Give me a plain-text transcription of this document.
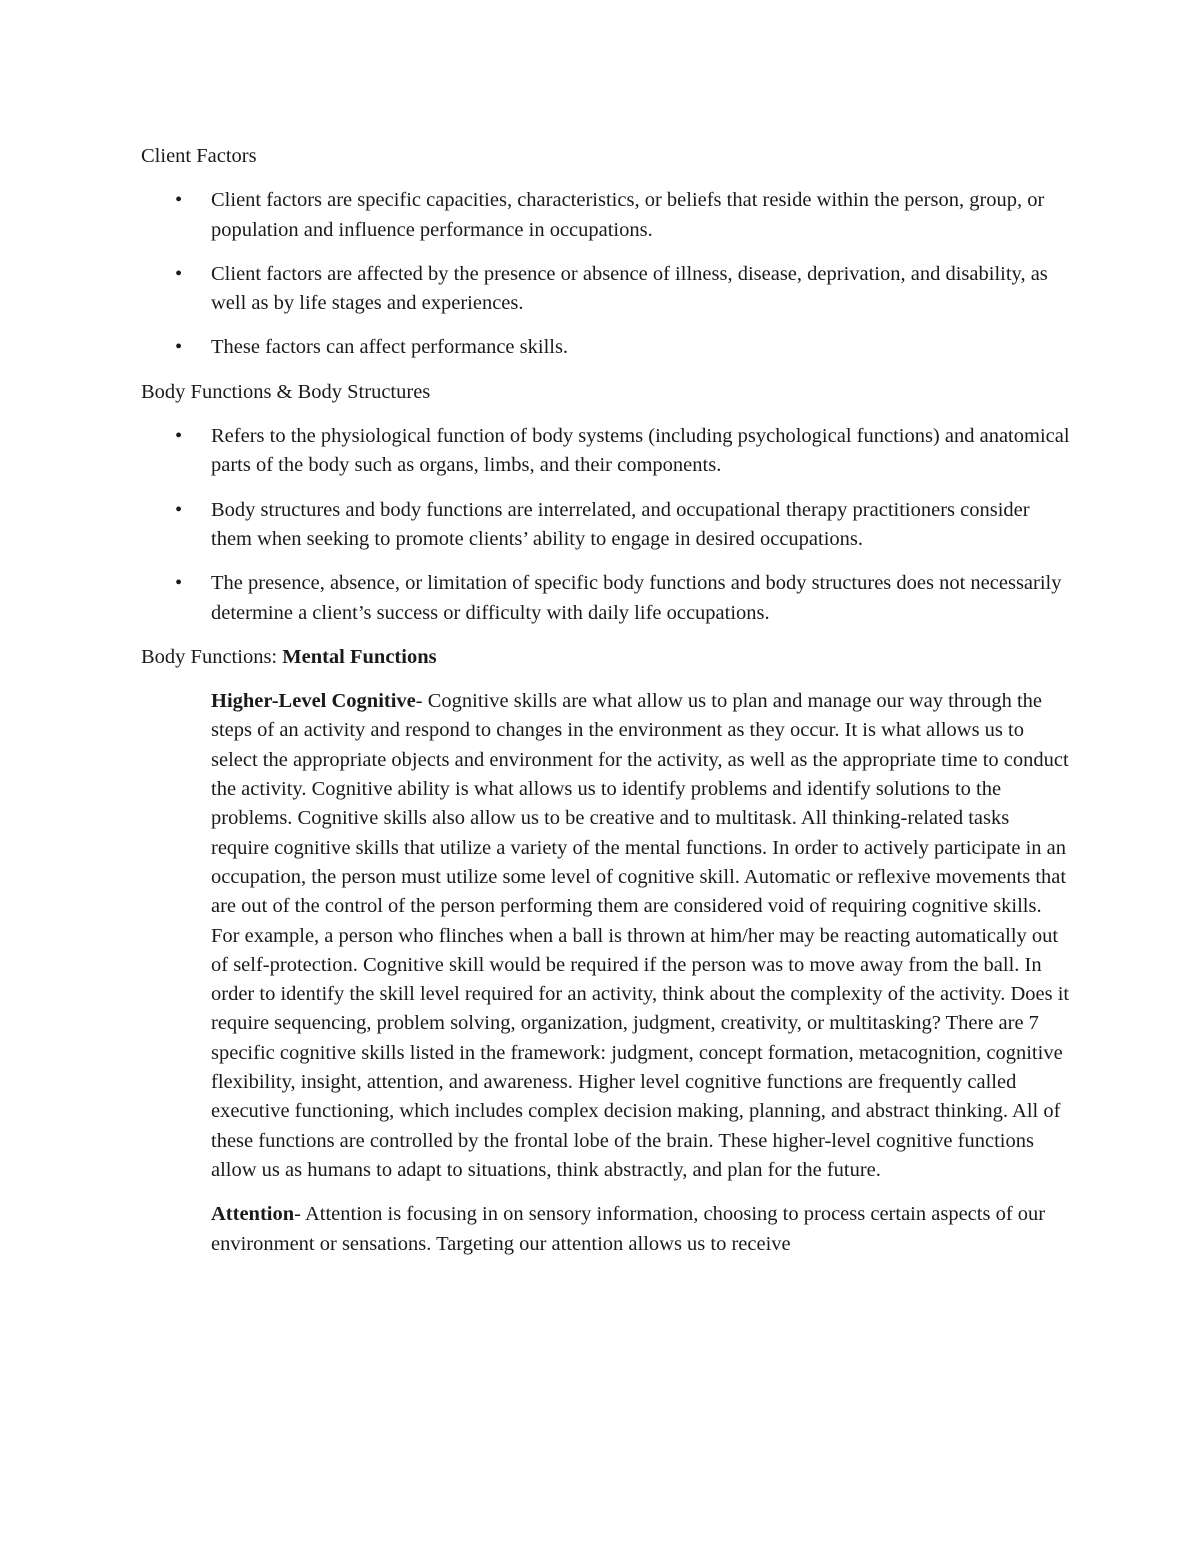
Client Factors

• Client factors are specific capacities, characteristics, or beliefs that reside within the person, group, or population and influence performance in occupations.
• Client factors are affected by the presence or absence of illness, disease, deprivation, and disability, as well as by life stages and experiences.
• These factors can affect performance skills.

Body Functions & Body Structures

• Refers to the physiological function of body systems (including psychological functions) and anatomical parts of the body such as organs, limbs, and their components.
• Body structures and body functions are interrelated, and occupational therapy practitioners consider them when seeking to promote clients’ ability to engage in desired occupations.
• The presence, absence, or limitation of specific body functions and body structures does not necessarily determine a client’s success or difficulty with daily life occupations.

Body Functions: Mental Functions

Higher-Level Cognitive- Cognitive skills are what allow us to plan and manage our way through the steps of an activity and respond to changes in the environment as they occur. It is what allows us to select the appropriate objects and environment for the activity, as well as the appropriate time to conduct the activity. Cognitive ability is what allows us to identify problems and identify solutions to the problems. Cognitive skills also allow us to be creative and to multitask. All thinking-related tasks require cognitive skills that utilize a variety of the mental functions. In order to actively participate in an occupation, the person must utilize some level of cognitive skill. Automatic or reflexive movements that are out of the control of the person performing them are considered void of requiring cognitive skills. For example, a person who flinches when a ball is thrown at him/her may be reacting automatically out of self-protection. Cognitive skill would be required if the person was to move away from the ball. In order to identify the skill level required for an activity, think about the complexity of the activity. Does it require sequencing, problem solving, organization, judgment, creativity, or multitasking? There are 7 specific cognitive skills listed in the framework: judgment, concept formation, metacognition, cognitive flexibility, insight, attention, and awareness. Higher level cognitive functions are frequently called executive functioning, which includes complex decision making, planning, and abstract thinking. All of these functions are controlled by the frontal lobe of the brain. These higher-level cognitive functions allow us as humans to adapt to situations, think abstractly, and plan for the future.

Attention- Attention is focusing in on sensory information, choosing to process certain aspects of our environment or sensations. Targeting our attention allows us to receive
